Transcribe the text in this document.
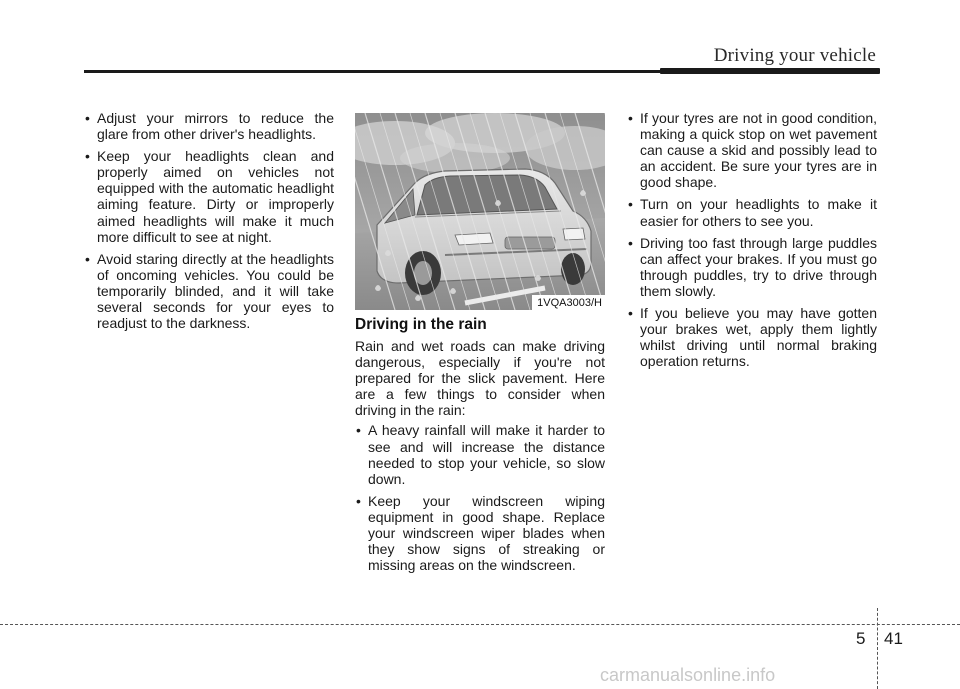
Driving your vehicle
• Adjust your mirrors to reduce the glare from other driver's headlights.
• Keep your headlights clean and properly aimed on vehicles not equipped with the automatic headlight aiming feature. Dirty or improperly aimed headlights will make it much more difficult to see at night.
• Avoid staring directly at the headlights of oncoming vehicles. You could be temporarily blinded, and it will take several seconds for your eyes to readjust to the darkness.
1VQA3003/H
Driving in the rain

Rain and wet roads can make driving dangerous, especially if you're not prepared for the slick pavement. Here are a few things to consider when driving in the rain:

• A heavy rainfall will make it harder to see and will increase the distance needed to stop your vehicle, so slow down.
• Keep your windscreen wiping equipment in good shape. Replace your windscreen wiper blades when they show signs of streaking or missing areas on the windscreen.
• If your tyres are not in good condition, making a quick stop on wet pavement can cause a skid and possibly lead to an accident. Be sure your tyres are in good shape.
• Turn on your headlights to make it easier for others to see you.
• Driving too fast through large puddles can affect your brakes. If you must go through puddles, try to drive through them slowly.
• If you believe you may have gotten your brakes wet, apply them lightly whilst driving until normal braking operation returns.
5 41
carmanualsonline.info
